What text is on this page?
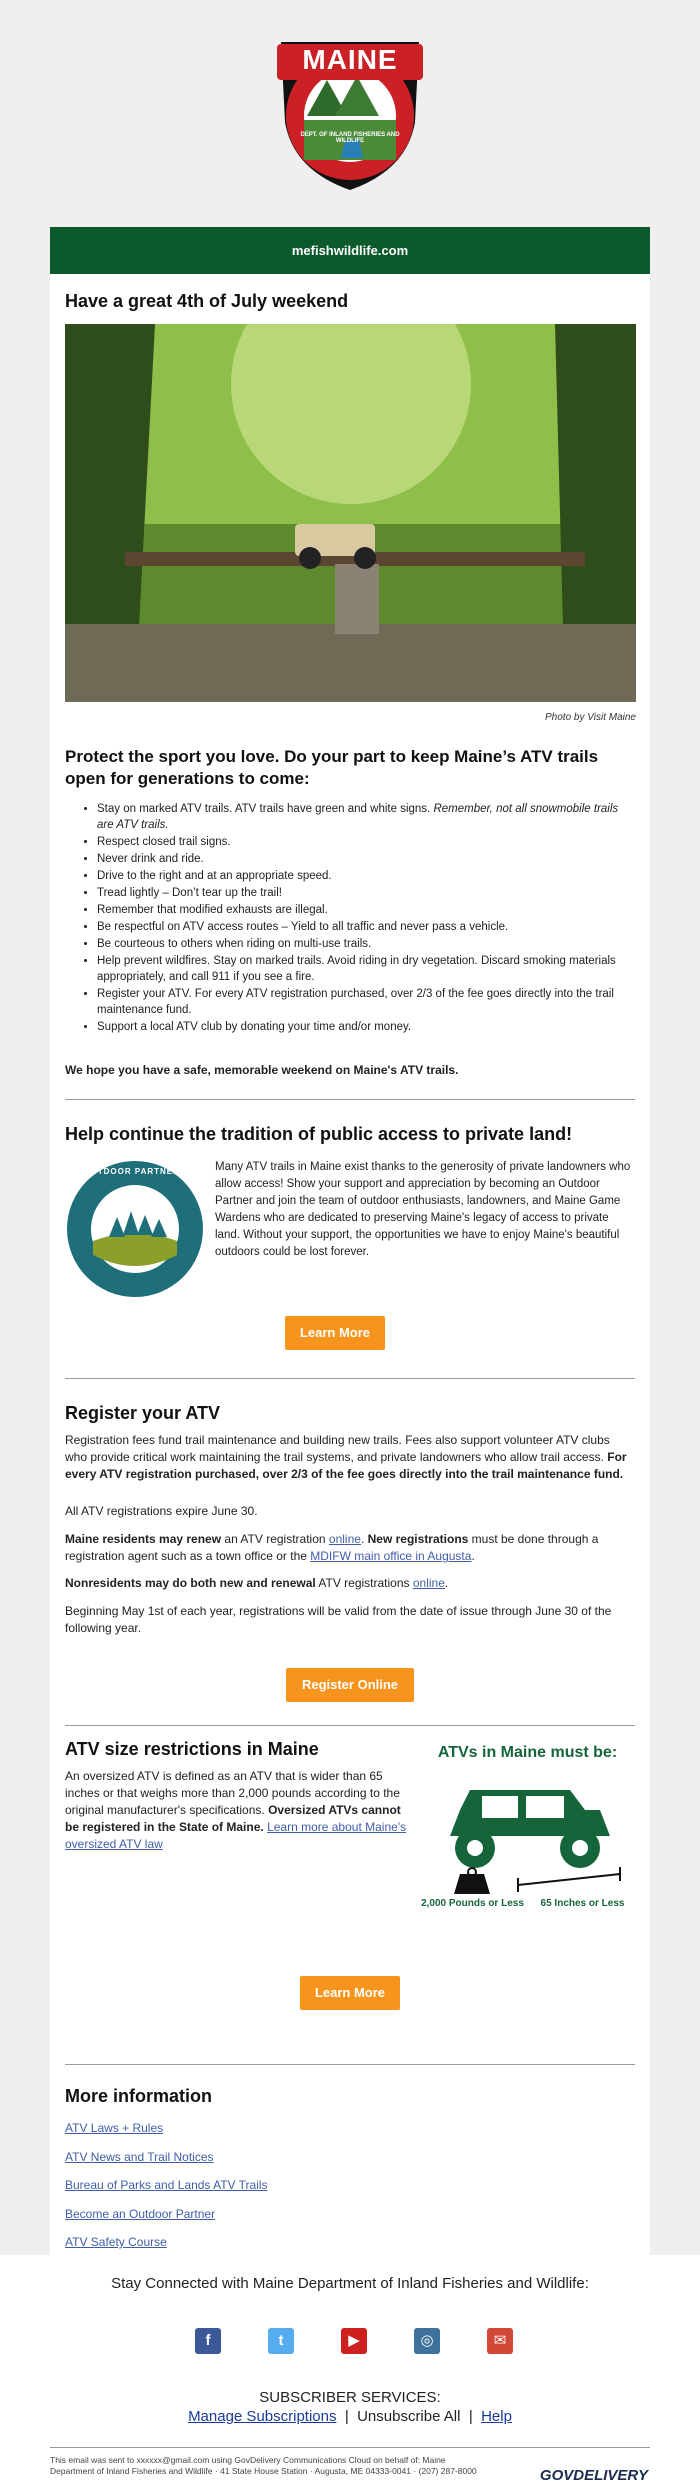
MAINE
DEPT. OF INLAND FISHERIES AND WILDLIFE
mefishwildlife.com
Have a great 4th of July weekend
Photo by Visit Maine
Protect the sport you love. Do your part to keep Maine’s ATV trails open for generations to come:
• Stay on marked ATV trails. ATV trails have green and white signs. Remember, not all snowmobile trails are ATV trails.
• Respect closed trail signs.
• Never drink and ride.
• Drive to the right and at an appropriate speed.
• Tread lightly – Don’t tear up the trail!
• Remember that modified exhausts are illegal.
• Be respectful on ATV access routes – Yield to all traffic and never pass a vehicle.
• Be courteous to others when riding on multi-use trails.
• Help prevent wildfires. Stay on marked trails. Avoid riding in dry vegetation. Discard smoking materials appropriately, and call 911 if you see a fire.
• Register your ATV. For every ATV registration purchased, over 2/3 of the fee goes directly into the trail maintenance fund.
• Support a local ATV club by donating your time and/or money.

We hope you have a safe, memorable weekend on Maine's ATV trails.

Help continue the tradition of public access to private land!
OUTDOOR PARTNERS	Many ATV trails in Maine exist thanks to the generosity of private landowners who allow access! Show your support and appreciation by becoming an Outdoor Partner and join the team of outdoor enthusiasts, landowners, and Maine Game Wardens who are dedicated to preserving Maine's legacy of access to private land. Without your support, the opportunities we have to enjoy Maine's beautiful outdoors could be lost forever.

Learn More
Register your ATV

Registration fees fund trail maintenance and building new trails. Fees also support volunteer ATV clubs who provide critical work maintaining the trail systems, and private landowners who allow trail access. For every ATV registration purchased, over 2/3 of the fee goes directly into the trail maintenance fund.

All ATV registrations expire June 30.

Maine residents may renew an ATV registration online. New registrations must be done through a registration agent such as a town office or the MDIFW main office in Augusta.

Nonresidents may do both new and renewal ATV registrations online.

Beginning May 1st of each year, registrations will be valid from the date of issue through June 30 of the following year.

Register Online
ATV size restrictions in Maine

An oversized ATV is defined as an ATV that is wider than 65 inches or that weighs more than 2,000 pounds according to the original manufacturer's specifications. Oversized ATVs cannot be registered in the State of Maine. Learn more about Maine's oversized ATV law

ATVs in Maine must be:
2,000 Pounds or Less	65 Inches or Less
Learn More
More information
ATV Laws + Rules
ATV News and Trail Notices
Bureau of Parks and Lands ATV Trails
Become an Outdoor Partner
ATV Safety Course
Stay Connected with Maine Department of Inland Fisheries and Wildlife:
f	t	▶	◎	✉
SUBSCRIBER SERVICES:
Manage Subscriptions | Unsubscribe All | Help
This email was sent to xxxxxx@gmail.com using GovDelivery Communications Cloud on behalf of: Maine Department of Inland Fisheries and Wildlife · 41 State House Station · Augusta, ME 04333-0041 · (207) 287-8000	GOVDELIVERY
